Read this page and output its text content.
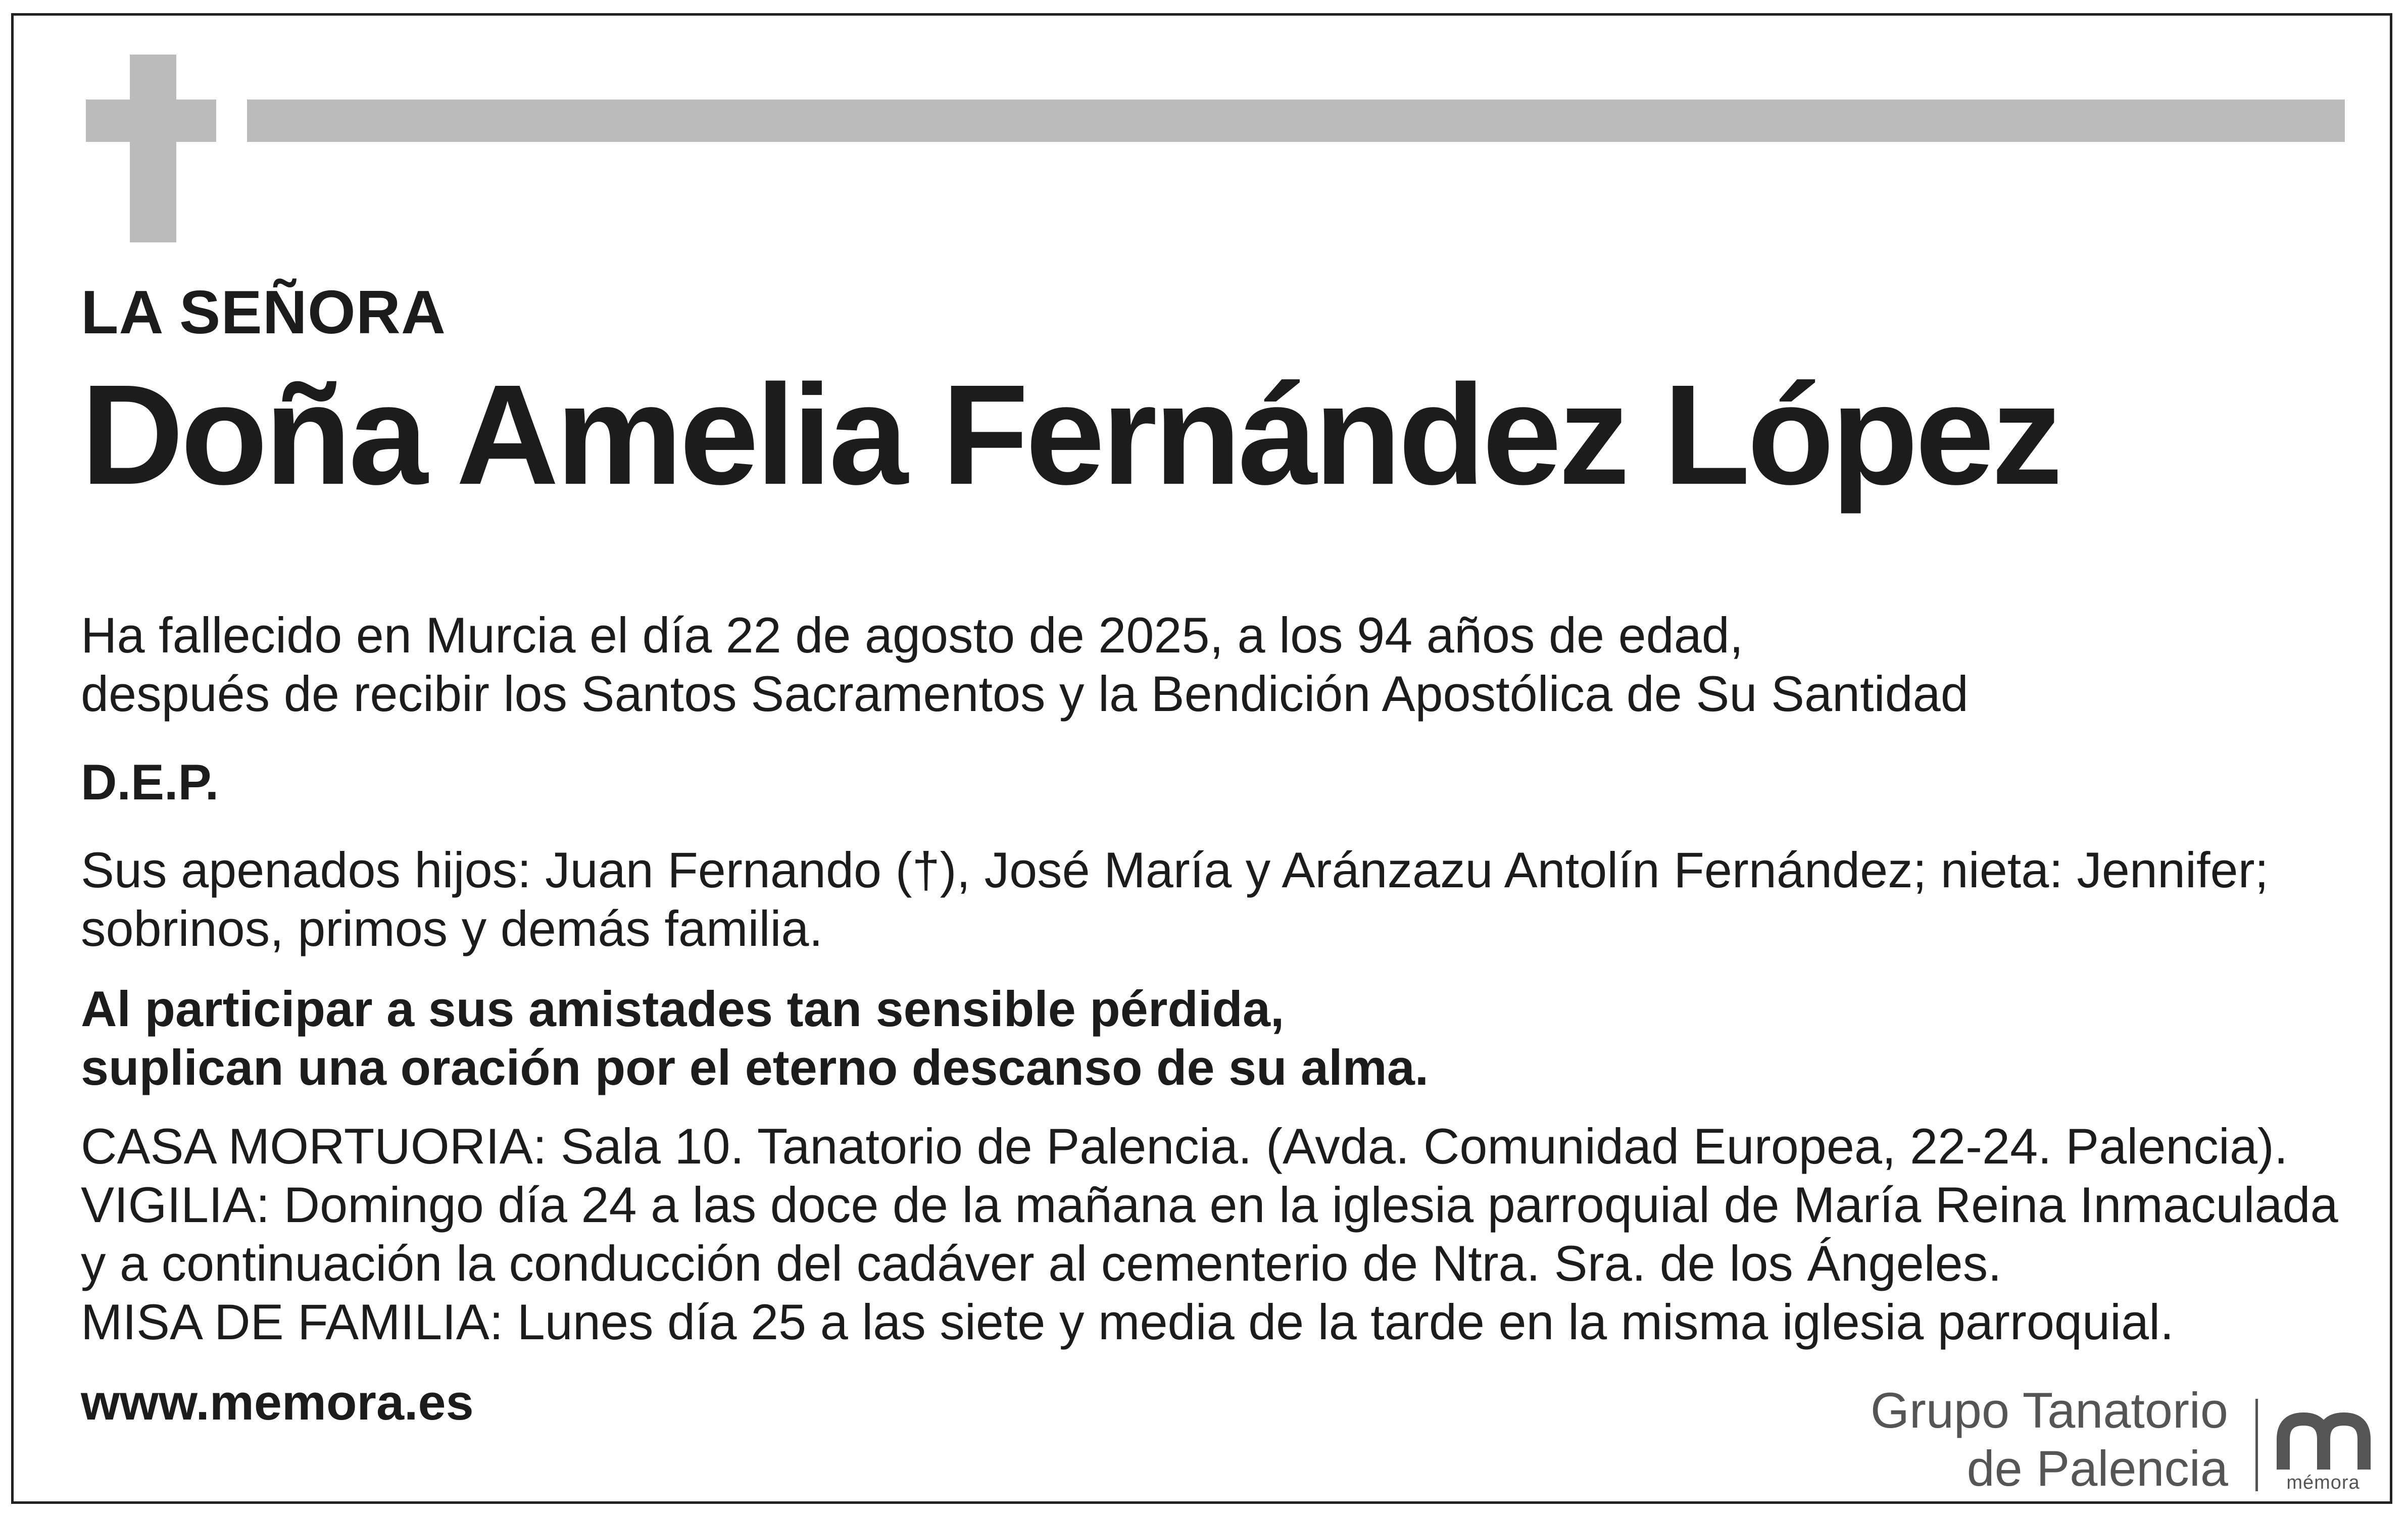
LA SEÑORA

Doña Amelia Fernández López

Ha fallecido en Murcia el día 22 de agosto de 2025, a los 94 años de edad,
después de recibir los Santos Sacramentos y la Bendición Apostólica de Su Santidad

D.E.P.

Sus apenados hijos: Juan Fernando (†), José María y Aránzazu Antolín Fernández; nieta: Jennifer;
sobrinos, primos y demás familia.
Al participar a sus amistades tan sensible pérdida,
suplican una oración por el eterno descanso de su alma.
CASA MORTUORIA: Sala 10. Tanatorio de Palencia. (Avda. Comunidad Europea, 22-24. Palencia).
VIGILIA: Domingo día 24 a las doce de la mañana en la iglesia parroquial de María Reina Inmaculada
y a continuación la conducción del cadáver al cementerio de Ntra. Sra. de los Ángeles.
MISA DE FAMILIA: Lunes día 25 a las siete y media de la tarde en la misma iglesia parroquial.

www.memora.es	Grupo Tanatorio
de Palencia	mémora
